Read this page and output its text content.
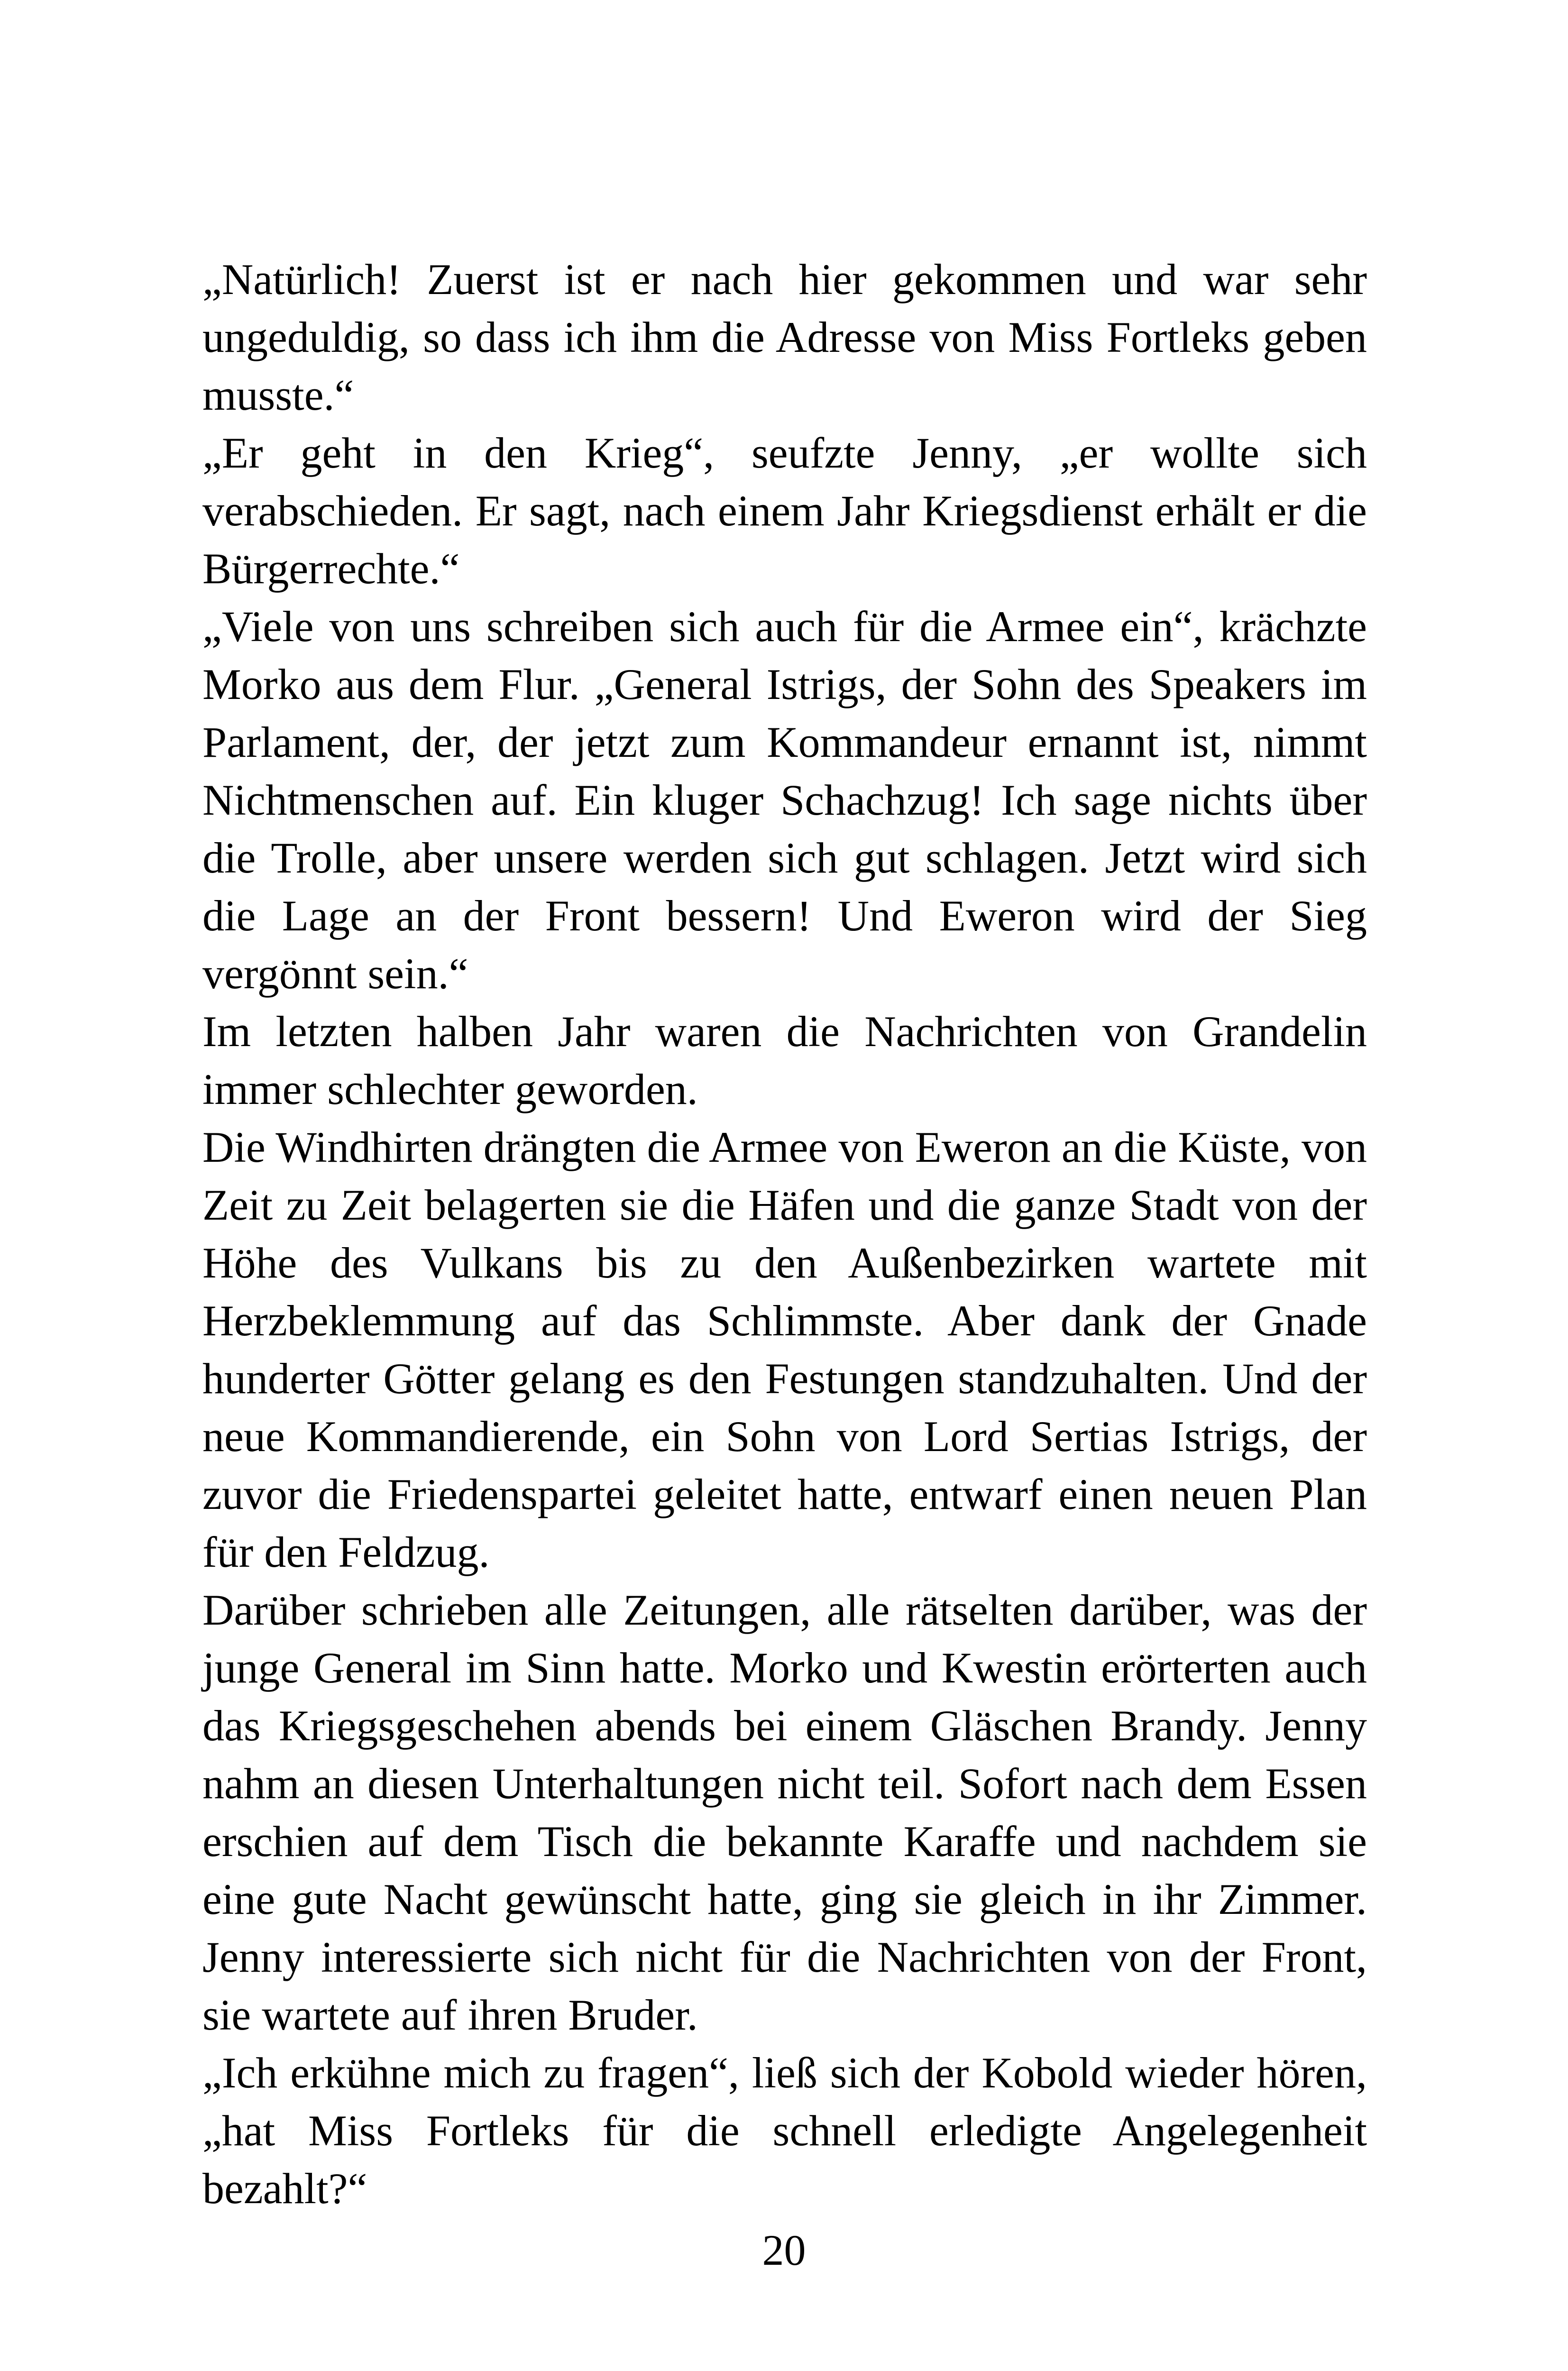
„Natürlich! Zuerst ist er nach hier gekommen und war sehr ungeduldig, so dass ich ihm die Adresse von Miss Fortleks geben musste.“

„Er geht in den Krieg“, seufzte Jenny, „er wollte sich verabschieden. Er sagt, nach einem Jahr Kriegsdienst erhält er die Bürgerrechte.“

„Viele von uns schreiben sich auch für die Armee ein“, krächzte Morko aus dem Flur. „General Istrigs, der Sohn des Speakers im Parlament, der, der jetzt zum Kommandeur ernannt ist, nimmt Nichtmenschen auf. Ein kluger Schachzug! Ich sage nichts über die Trolle, aber unsere werden sich gut schlagen. Jetzt wird sich die Lage an der Front bessern! Und Eweron wird der Sieg vergönnt sein.“

Im letzten halben Jahr waren die Nachrichten von Grandelin immer schlechter geworden.

Die Windhirten drängten die Armee von Eweron an die Küste, von Zeit zu Zeit belagerten sie die Häfen und die ganze Stadt von der Höhe des Vulkans bis zu den Außenbezirken wartete mit Herzbeklemmung auf das Schlimmste. Aber dank der Gnade hunderter Götter gelang es den Festungen standzuhalten. Und der neue Kommandierende, ein Sohn von Lord Sertias Istrigs, der zuvor die Friedenspartei geleitet hatte, entwarf einen neuen Plan für den Feldzug.

Darüber schrieben alle Zeitungen, alle rätselten darüber, was der junge General im Sinn hatte. Morko und Kwestin erörterten auch das Kriegsgeschehen abends bei einem Gläschen Brandy. Jenny nahm an diesen Unterhaltungen nicht teil. Sofort nach dem Essen erschien auf dem Tisch die bekannte Karaffe und nachdem sie eine gute Nacht gewünscht hatte, ging sie gleich in ihr Zimmer. Jenny interessierte sich nicht für die Nachrichten von der Front, sie wartete auf ihren Bruder.

„Ich erkühne mich zu fragen“, ließ sich der Kobold wieder hören, „hat Miss Fortleks für die schnell erledigte Angelegenheit bezahlt?“

20
